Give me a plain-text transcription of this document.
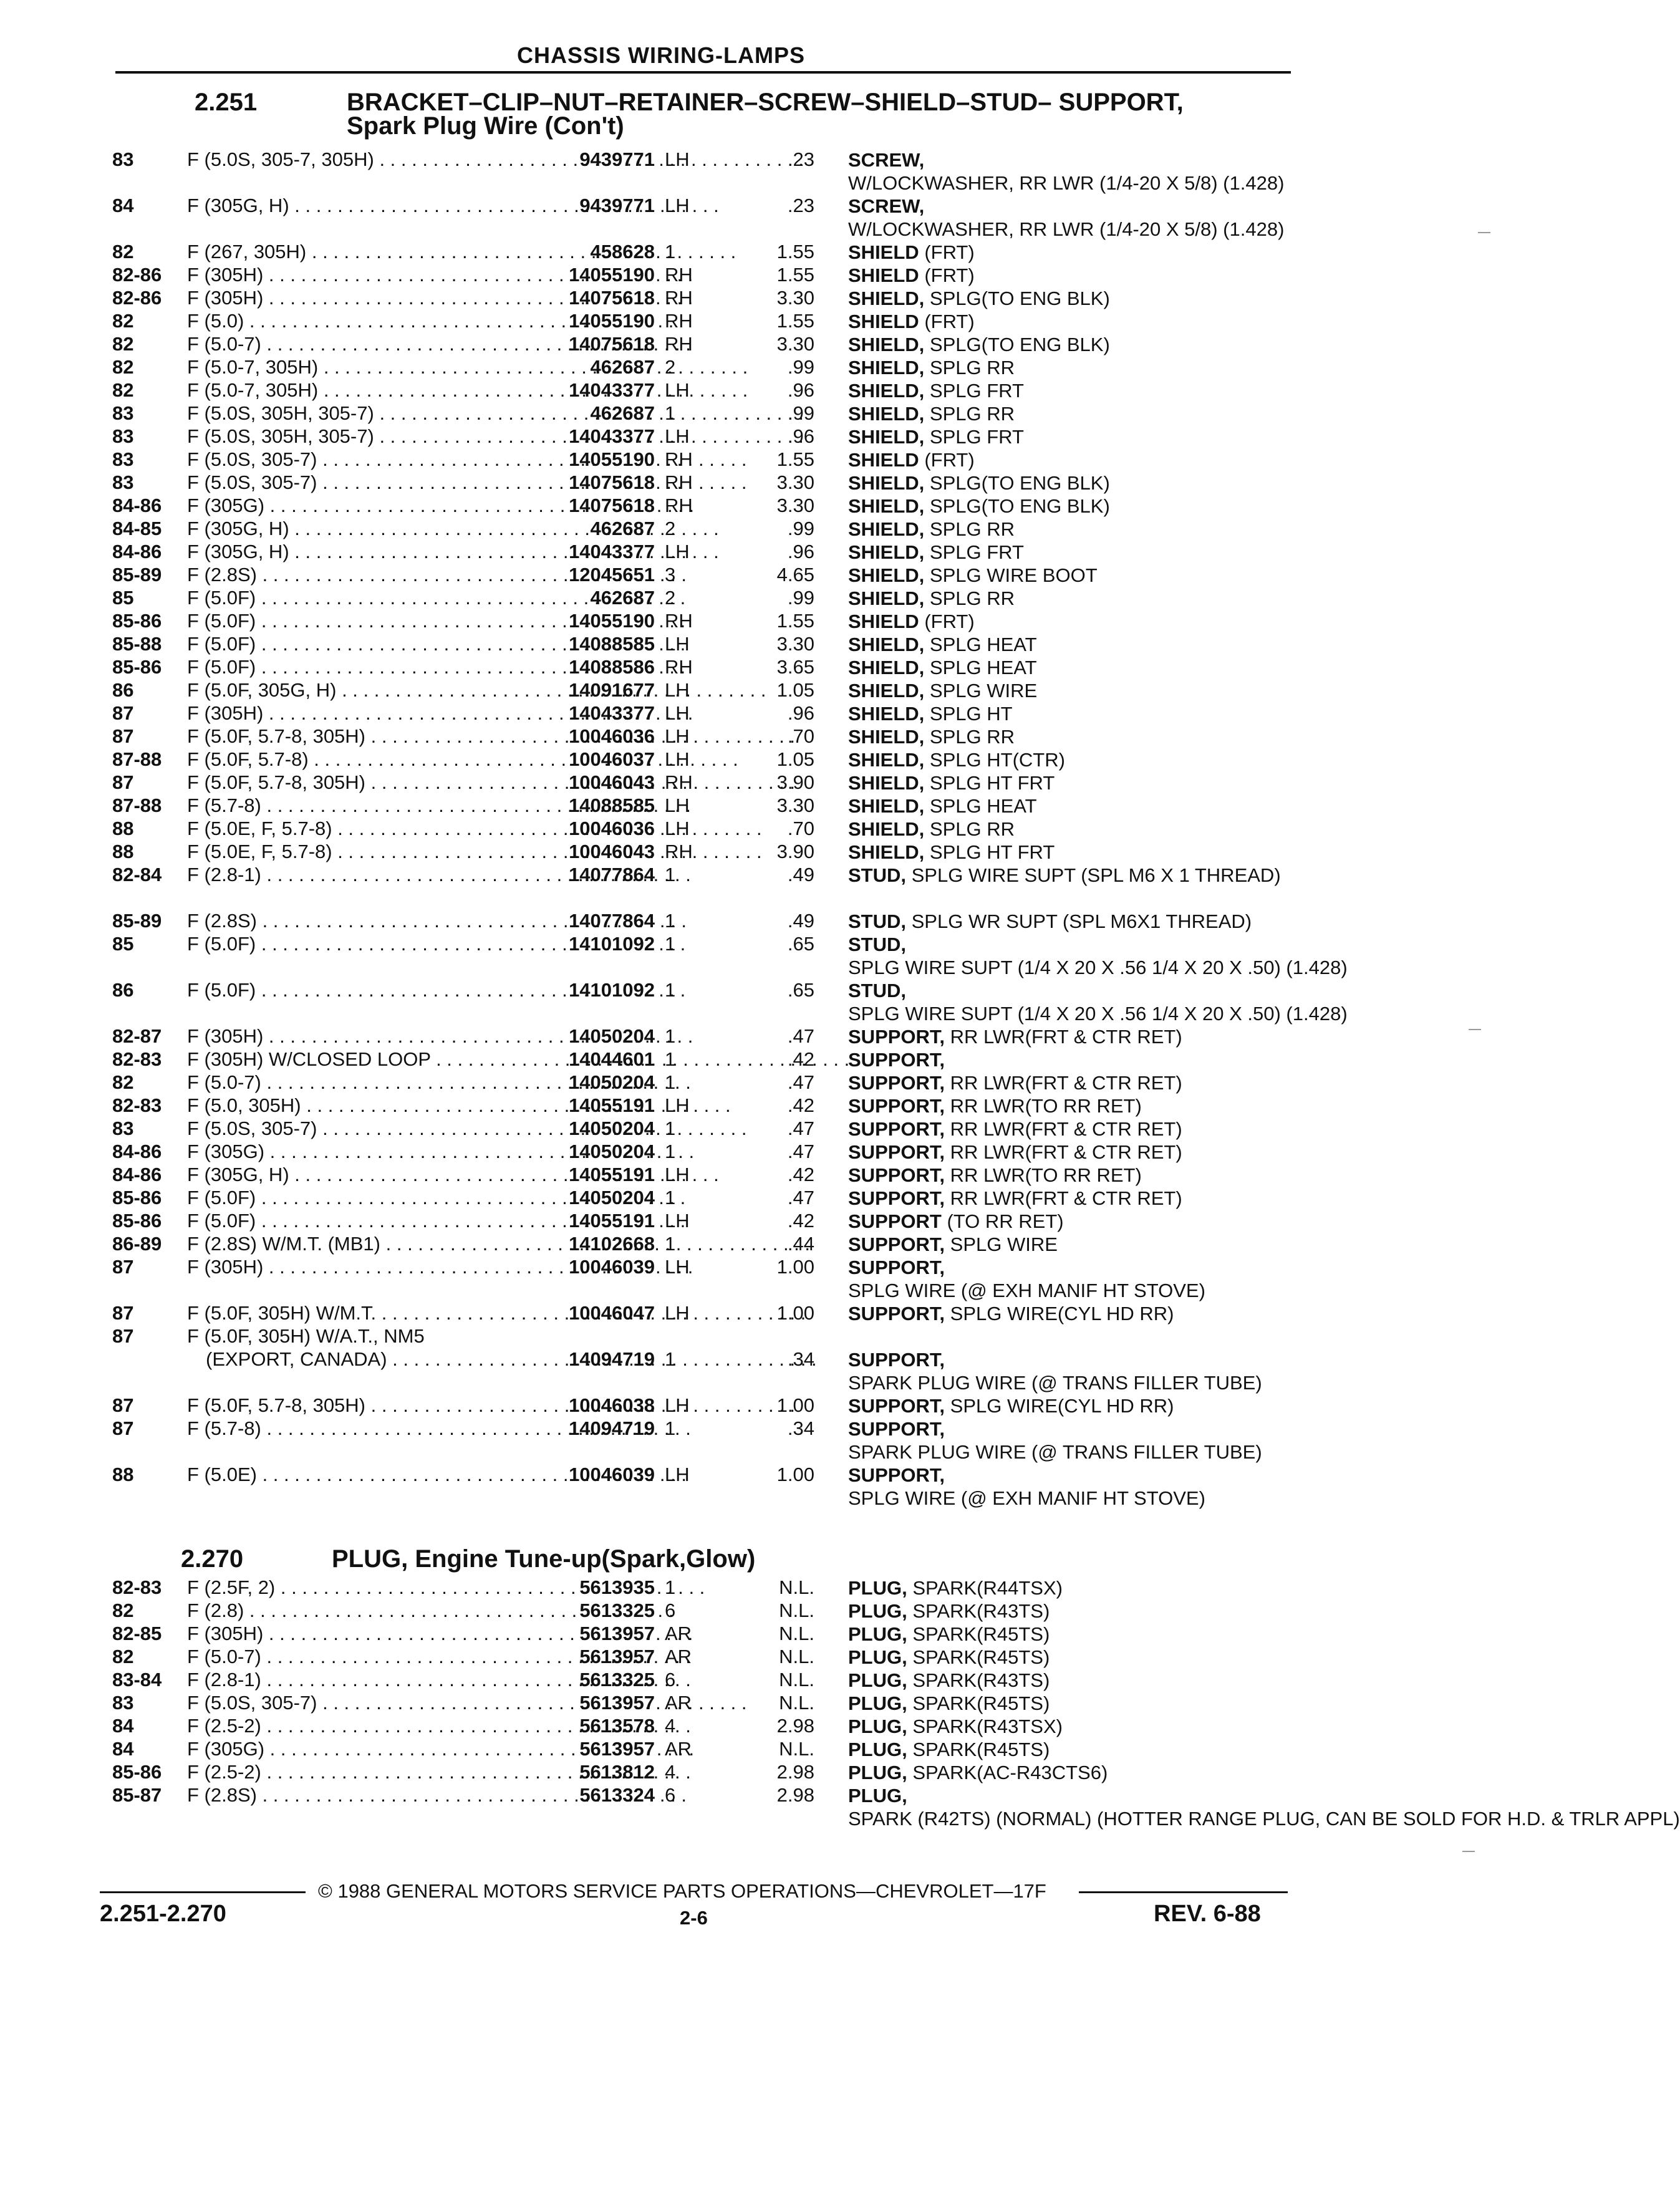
CHASSIS WIRING-LAMPS
2.251	BRACKET–CLIP–NUT–RETAINER–SCREW–SHIELD–STUD– SUPPORT,
Spark Plug Wire (Con't)
83	F (5.0S, 305-7, 305H) . . .	9439771 LH	.23 SCREW, W/LOCKWASHER, RR LWR (1/4-20 X 5/8) (1.428)
84	F (305G, H) . . .	9439771 LH	.23 SCREW, W/LOCKWASHER, RR LWR (1/4-20 X 5/8) (1.428)
82	F (267, 305H) . . .	458628 1	1.55 SHIELD (FRT)
82-86 F (305H) . . .	14055190 RH	1.55 SHIELD (FRT)
82-86 F (305H) . . .	14075618 RH	3.30 SHIELD, SPLG(TO ENG BLK)
82	F (5.0) . . .	14055190 RH	1.55 SHIELD (FRT)
82	F (5.0-7) . . .	14075618 RH	3.30 SHIELD, SPLG(TO ENG BLK)
82	F (5.0-7, 305H) . . .	462687 2	.99 SHIELD, SPLG RR
82	F (5.0-7, 305H) . . .	14043377 LH	.96 SHIELD, SPLG FRT
83	F (5.0S, 305H, 305-7) . . .	462687 1	.99 SHIELD, SPLG RR
83	F (5.0S, 305H, 305-7) . . .	14043377 LH	.96 SHIELD, SPLG FRT
83	F (5.0S, 305-7) . . .	14055190 RH	1.55 SHIELD (FRT)
83	F (5.0S, 305-7) . . .	14075618 RH	3.30 SHIELD, SPLG(TO ENG BLK)
84-86 F (305G) . . .	14075618 RH	3.30 SHIELD, SPLG(TO ENG BLK)
84-85 F (305G, H) . . .	462687 2	.99 SHIELD, SPLG RR
84-86 F (305G, H) . . .	14043377 LH	.96 SHIELD, SPLG FRT
85-89 F (2.8S) . . .	12045651 3	4.65 SHIELD, SPLG WIRE BOOT
85	F (5.0F) . . .	462687 2	.99 SHIELD, SPLG RR
85-86 F (5.0F) . . .	14055190 RH	1.55 SHIELD (FRT)
85-88 F (5.0F) . . .	14088585 LH	3.30 SHIELD, SPLG HEAT
85-86 F (5.0F) . . .	14088586 RH	3.65 SHIELD, SPLG HEAT
86	F (5.0F, 305G, H) . . .	14091677 LH	1.05 SHIELD, SPLG WIRE
87	F (305H) . . .	14043377 LH	.96 SHIELD, SPLG HT
87	F (5.0F, 5.7-8, 305H) . . .	10046036 LH	.70 SHIELD, SPLG RR
87-88 F (5.0F, 5.7-8) . . .	10046037 LH	1.05 SHIELD, SPLG HT(CTR)
87	F (5.0F, 5.7-8, 305H) . . .	10046043 RH	3.90 SHIELD, SPLG HT FRT
87-88 F (5.7-8) . . .	14088585 LH	3.30 SHIELD, SPLG HEAT
88	F (5.0E, F, 5.7-8) . . .	10046036 LH	.70 SHIELD, SPLG RR
88	F (5.0E, F, 5.7-8) . . .	10046043 RH	3.90 SHIELD, SPLG HT FRT
82-84 F (2.8-1) . . .	14077864 1	.49 STUD, SPLG WIRE SUPT (SPL M6 X 1 THREAD)
85-89 F (2.8S) . . .	14077864 1	.49 STUD, SPLG WR SUPT (SPL M6X1 THREAD)
85	F (5.0F) . . .	14101092 1	.65 STUD, SPLG WIRE SUPT (1/4 X 20 X .56 1/4 X 20 X .50) (1.428)
86	F (5.0F) . . .	14101092 1	.65 STUD, SPLG WIRE SUPT (1/4 X 20 X .56 1/4 X 20 X .50) (1.428)
82-87 F (305H) . . .	14050204 1	.47 SUPPORT, RR LWR(FRT & CTR RET)
82-83 F (305H) W/CLOSED LOOP . . .	14044601 1	.42 SUPPORT,
82	F (5.0-7) . . .	14050204 1	.47 SUPPORT, RR LWR(FRT & CTR RET)
82-83 F (5.0, 305H) . . .	14055191 LH	.42 SUPPORT, RR LWR(TO RR RET)
83	F (5.0S, 305-7) . . .	14050204 1	.47 SUPPORT, RR LWR(FRT & CTR RET)
84-86 F (305G) . . .	14050204 1	.47 SUPPORT, RR LWR(FRT & CTR RET)
84-86 F (305G, H) . . .	14055191 LH	.42 SUPPORT, RR LWR(TO RR RET)
85-86 F (5.0F) . . .	14050204 1	.47 SUPPORT, RR LWR(FRT & CTR RET)
85-86 F (5.0F) . . .	14055191 LH	.42 SUPPORT (TO RR RET)
86-89 F (2.8S) W/M.T. (MB1) . . .	14102668 1	.44 SUPPORT, SPLG WIRE
87	F (305H) . . .	10046039 LH	1.00 SUPPORT, SPLG WIRE (@ EXH MANIF HT STOVE)
87	F (5.0F, 305H) W/M.T. . . .	10046047 LH	1.00 SUPPORT, SPLG WIRE(CYL HD RR)
87	F (5.0F, 305H) W/A.T., NM5
(EXPORT, CANADA) . . .	14094719 1	.34 SUPPORT, SPARK PLUG WIRE (@ TRANS FILLER TUBE)
87	F (5.0F, 5.7-8, 305H) . . .	10046038 LH	1.00 SUPPORT, SPLG WIRE(CYL HD RR)
87	F (5.7-8) . . .	14094719 1	.34 SUPPORT, SPARK PLUG WIRE (@ TRANS FILLER TUBE)
88	F (5.0E) . . .	10046039 LH	1.00 SUPPORT, SPLG WIRE (@ EXH MANIF HT STOVE)
2.270	PLUG, Engine Tune-up(Spark,Glow)
82-83 F (2.5F, 2) . . .	5613935 1	N.L. PLUG, SPARK(R44TSX)
82	F (2.8) . . .	5613325 6	N.L. PLUG, SPARK(R43TS)
82-85 F (305H) . . .	5613957 AR	N.L. PLUG, SPARK(R45TS)
82	F (5.0-7) . . .	5613957 AR	N.L. PLUG, SPARK(R45TS)
83-84 F (2.8-1) . . .	5613325 6	N.L. PLUG, SPARK(R43TS)
83	F (5.0S, 305-7) . . .	5613957 AR	N.L. PLUG, SPARK(R45TS)
84	F (2.5-2) . . .	5613578 4	2.98 PLUG, SPARK(R43TSX)
84	F (305G) . . .	5613957 AR	N.L. PLUG, SPARK(R45TS)
85-86 F (2.5-2) . . .	5613812 4	2.98 PLUG, SPARK(AC-R43CTS6)
85-87 F (2.8S) . . .	5613324 6	2.98 PLUG, SPARK (R42TS) (NORMAL) (HOTTER RANGE PLUG, CAN BE SOLD FOR H.D. & TRLR APPL)
© 1988 GENERAL MOTORS SERVICE PARTS OPERATIONS—CHEVROLET—17F
2.251-2.270	2-6	REV. 6-88
